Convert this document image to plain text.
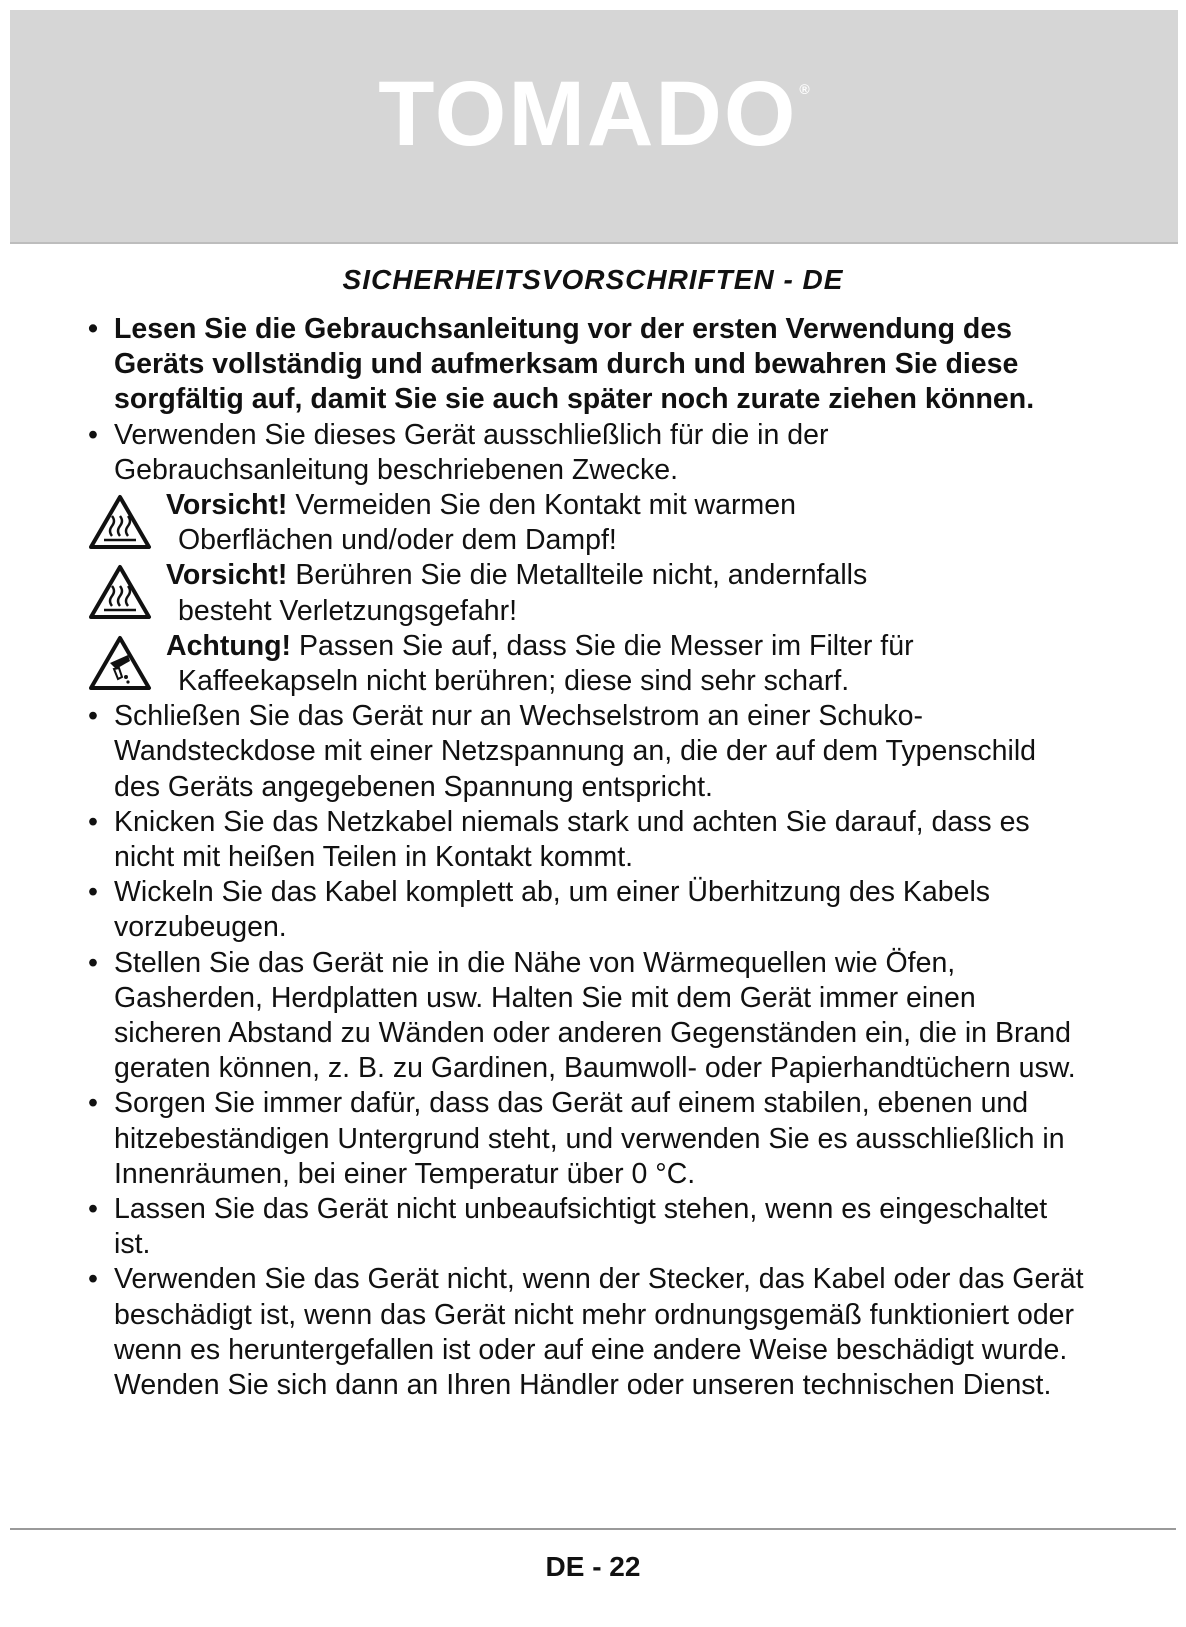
TOMADO ®
SICHERHEITSVORSCHRIFTEN - DE
• Lesen Sie die Gebrauchsanleitung vor der ersten Verwendung des Geräts vollständig und aufmerksam durch und bewahren Sie diese sorgfältig auf, damit Sie sie auch später noch zurate ziehen können.
• Verwenden Sie dieses Gerät ausschließlich für die in der Gebrauchsanleitung beschriebenen Zwecke.
Vorsicht! Vermeiden Sie den Kontakt mit warmen
Oberflächen und/oder dem Dampf!
Vorsicht! Berühren Sie die Metallteile nicht, andernfalls
besteht Verletzungsgefahr!
Achtung! Passen Sie auf, dass Sie die Messer im Filter für
Kaffeekapseln nicht berühren; diese sind sehr scharf.
• Schließen Sie das Gerät nur an Wechselstrom an einer Schuko-Wandsteckdose mit einer Netzspannung an, die der auf dem Typenschild des Geräts angegebenen Spannung entspricht.
• Knicken Sie das Netzkabel niemals stark und achten Sie darauf, dass es nicht mit heißen Teilen in Kontakt kommt.
• Wickeln Sie das Kabel komplett ab, um einer Überhitzung des Kabels vorzubeugen.
• Stellen Sie das Gerät nie in die Nähe von Wärmequellen wie Öfen, Gasherden, Herdplatten usw. Halten Sie mit dem Gerät immer einen sicheren Abstand zu Wänden oder anderen Gegenständen ein, die in Brand geraten können, z. B. zu Gardinen, Baumwoll- oder Papierhandtüchern usw.
• Sorgen Sie immer dafür, dass das Gerät auf einem stabilen, ebenen und hitzebeständigen Untergrund steht, und verwenden Sie es ausschließlich in Innenräumen, bei einer Temperatur über 0 °C.
• Lassen Sie das Gerät nicht unbeaufsichtigt stehen, wenn es eingeschaltet ist.
• Verwenden Sie das Gerät nicht, wenn der Stecker, das Kabel oder das Gerät beschädigt ist, wenn das Gerät nicht mehr ordnungsgemäß funktioniert oder wenn es heruntergefallen ist oder auf eine andere Weise beschädigt wurde. Wenden Sie sich dann an Ihren Händler oder unseren technischen Dienst.
DE - 22
